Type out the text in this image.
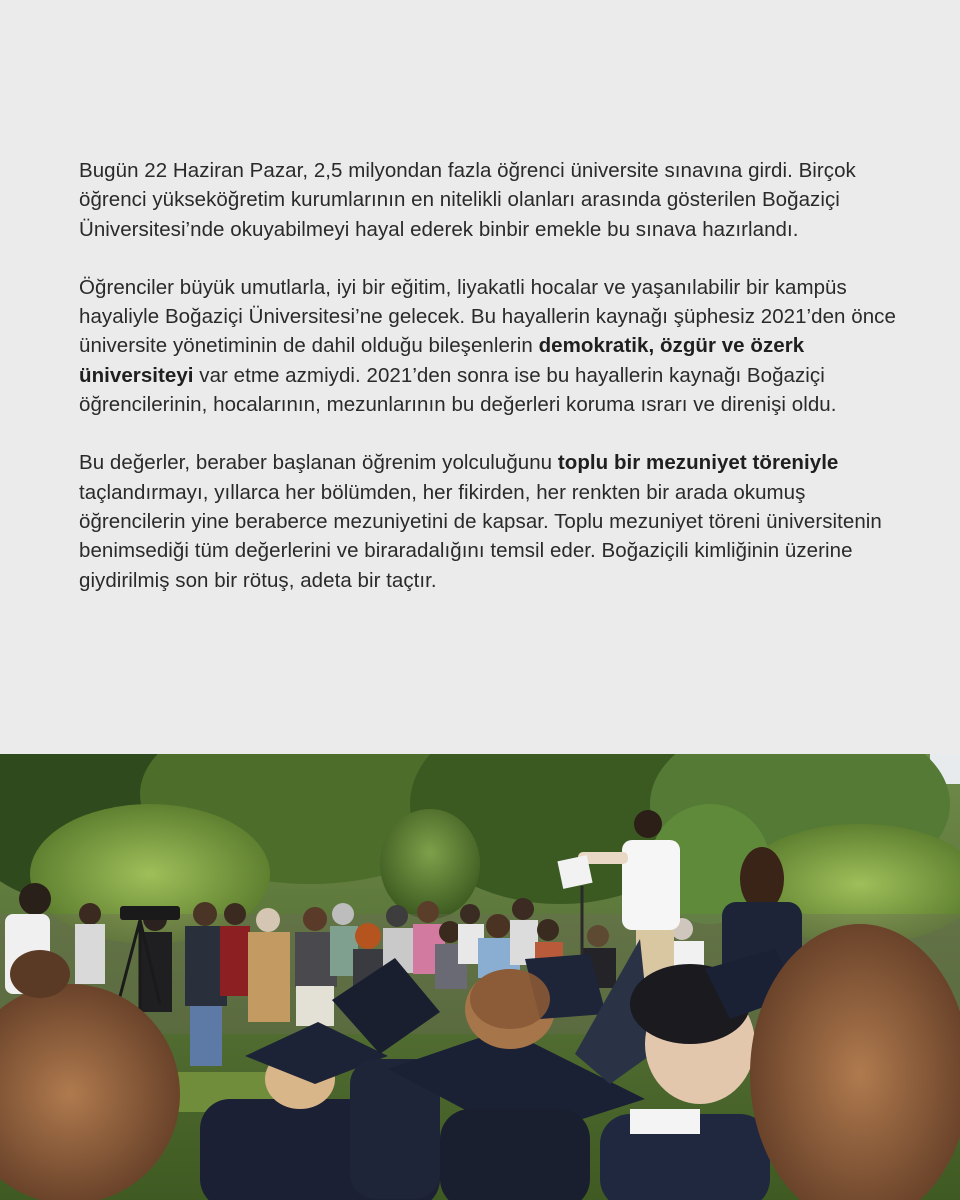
Bugün 22 Haziran Pazar, 2,5 milyondan fazla öğrenci üniversite sınavına girdi. Birçok öğrenci yükseköğretim kurumlarının en nitelikli olanları arasında gösterilen Boğaziçi Üniversitesi’nde okuyabilmeyi hayal ederek binbir emekle bu sınava hazırlandı.

Öğrenciler büyük umutlarla, iyi bir eğitim, liyakatli hocalar ve yaşanılabilir bir kampüs hayaliyle Boğaziçi Üniversitesi’ne gelecek. Bu hayallerin kaynağı şüphesiz 2021’den önce üniversite yönetiminin de dahil olduğu bileşenlerin demokratik, özgür ve özerk üniversiteyi var etme azmiydi. 2021’den sonra ise bu hayallerin kaynağı Boğaziçi öğrencilerinin, hocalarının, mezunlarının bu değerleri koruma ısrarı ve direnişi oldu.

Bu değerler, beraber başlanan öğrenim yolculuğunu toplu bir mezuniyet töreniyle taçlandırmayı, yıllarca her bölümden, her fikirden, her renkten bir arada okumuş öğrencilerin yine beraberce mezuniyetini de kapsar. Toplu mezuniyet töreni üniversitenin benimsediği tüm değerlerini ve biraradalığını temsil eder. Boğaziçili kimliğinin üzerine giydirilmiş son bir rötuş, adeta bir taçtır.
